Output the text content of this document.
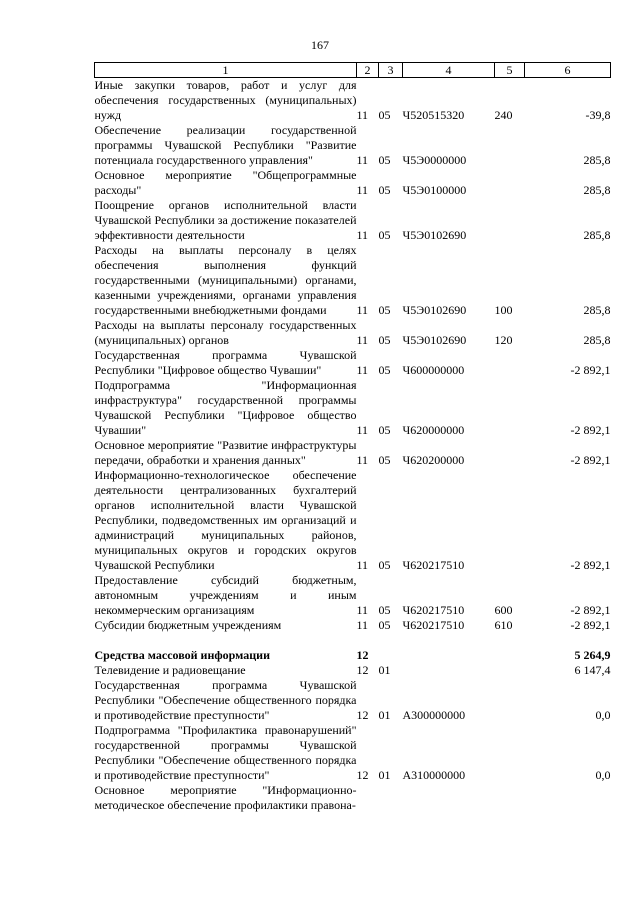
167
1	2	3	4	5	6
Иные закупки товаров, работ и услуг для обеспечения государственных (муниципальных) нужд	11	05	Ч520515320	240	-39,8
Обеспечение реализации государственной программы Чувашской Республики "Развитие потенциала государственного управления"	11	05	Ч5Э0000000		285,8
Основное мероприятие "Общепрограммные расходы"	11	05	Ч5Э0100000		285,8
Поощрение органов исполнительной власти Чувашской Республики за достижение показателей эффективности деятельности	11	05	Ч5Э0102690		285,8
Расходы на выплаты персоналу в целях обеспечения выполнения функций государственными (муниципальными) органами, казенными учреждениями, органами управления государственными внебюджетными фондами	11	05	Ч5Э0102690	100	285,8
Расходы на выплаты персоналу государственных (муниципальных) органов	11	05	Ч5Э0102690	120	285,8
Государственная программа Чувашской Республики "Цифровое общество Чувашии"	11	05	Ч600000000		-2 892,1
Подпрограмма "Информационная инфраструктура" государственной программы Чувашской Республики "Цифровое общество Чувашии"	11	05	Ч620000000		-2 892,1
Основное мероприятие "Развитие инфраструктуры передачи, обработки и хранения данных"	11	05	Ч620200000		-2 892,1
Информационно-технологическое обеспечение деятельности централизованных бухгалтерий органов исполнительной власти Чувашской Республики, подведомственных им организаций и администраций муниципальных районов, муниципальных округов и городских округов Чувашской Республики	11	05	Ч620217510		-2 892,1
Предоставление субсидий бюджетным, автономным учреждениям и иным некоммерческим организациям	11	05	Ч620217510	600	-2 892,1
Субсидии бюджетным учреждениям	11	05	Ч620217510	610	-2 892,1

Средства массовой информации	12				5 264,9
Телевидение и радиовещание	12	01			6 147,4
Государственная программа Чувашской Республики "Обеспечение общественного порядка и противодействие преступности"	12	01	А300000000		0,0
Подпрограмма "Профилактика правонарушений" государственной программы Чувашской Республики "Обеспечение общественного порядка и противодействие преступности"	12	01	А310000000		0,0
Основное мероприятие "Информационно-методическое обеспечение профилактики правона-					
